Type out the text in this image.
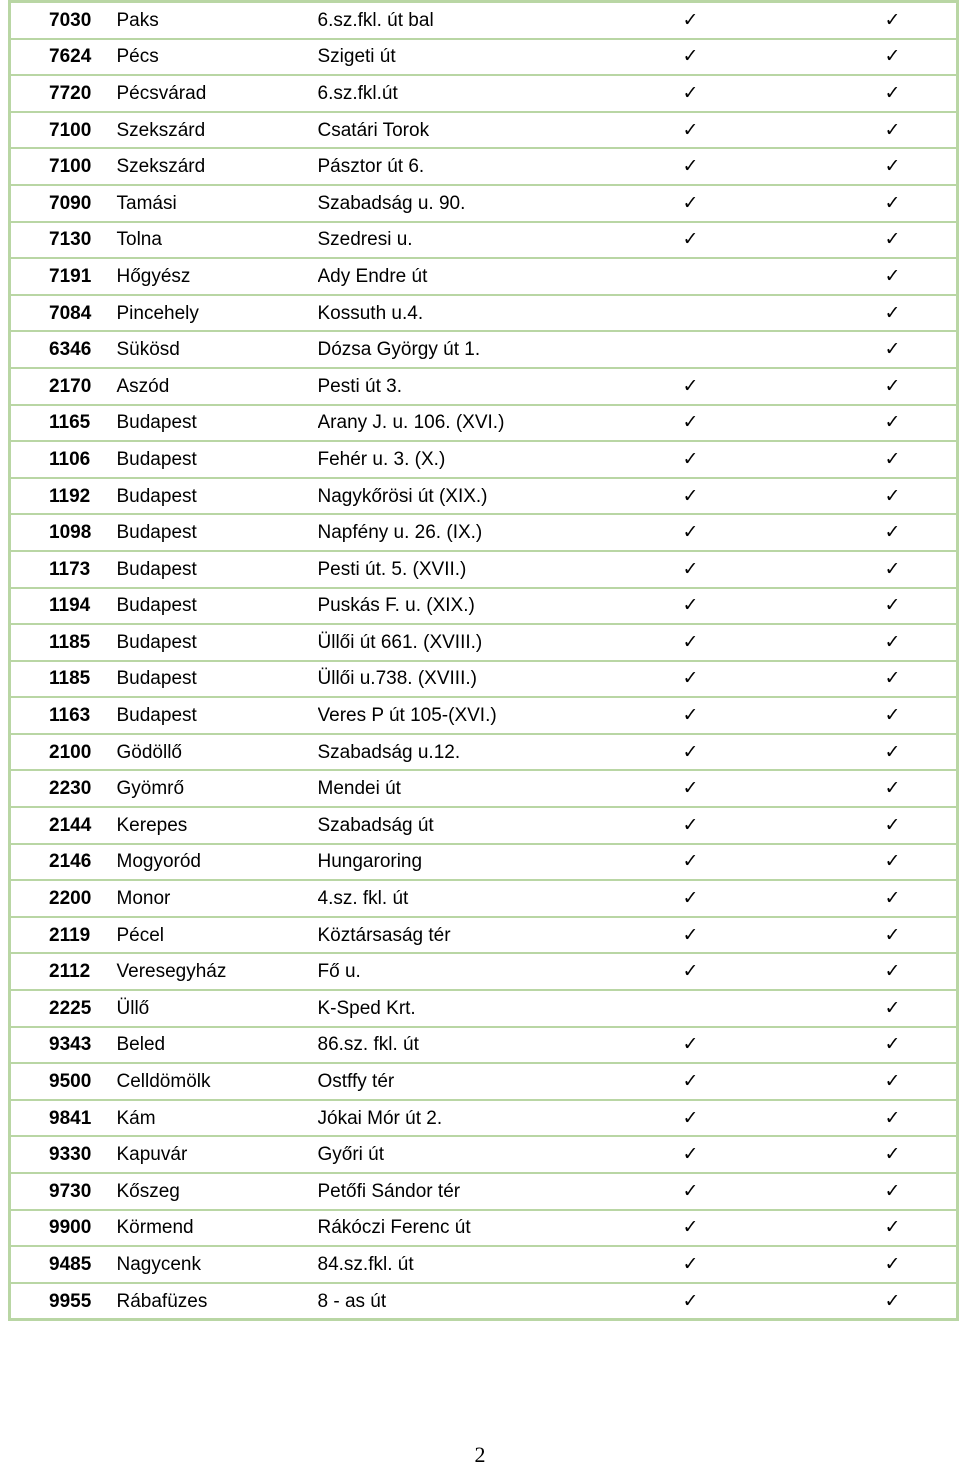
7030	Paks	6.sz.fkl. út bal	✓	✓
7624	Pécs	Szigeti út	✓	✓
7720	Pécsvárad	6.sz.fkl.út	✓	✓
7100	Szekszárd	Csatári Torok	✓	✓
7100	Szekszárd	Pásztor út 6.	✓	✓
7090	Tamási	Szabadság u. 90.	✓	✓
7130	Tolna	Szedresi u.	✓	✓
7191	Hőgyész	Ady Endre út		✓
7084	Pincehely	Kossuth u.4.		✓
6346	Sükösd	Dózsa György út 1.		✓
2170	Aszód	Pesti út 3.	✓	✓
1165	Budapest	Arany J. u. 106. (XVI.)	✓	✓
1106	Budapest	Fehér u. 3. (X.)	✓	✓
1192	Budapest	Nagykőrösi út (XIX.)	✓	✓
1098	Budapest	Napfény u. 26. (IX.)	✓	✓
1173	Budapest	Pesti út. 5. (XVII.)	✓	✓
1194	Budapest	Puskás F. u. (XIX.)	✓	✓
1185	Budapest	Üllői út 661. (XVIII.)	✓	✓
1185	Budapest	Üllői u.738. (XVIII.)	✓	✓
1163	Budapest	Veres P út 105-(XVI.)	✓	✓
2100	Gödöllő	Szabadság u.12.	✓	✓
2230	Gyömrő	Mendei út	✓	✓
2144	Kerepes	Szabadság út	✓	✓
2146	Mogyoród	Hungaroring	✓	✓
2200	Monor	4.sz. fkl. út	✓	✓
2119	Pécel	Köztársaság tér	✓	✓
2112	Veresegyház	Fő u.	✓	✓
2225	Üllő	K-Sped Krt.		✓
9343	Beled	86.sz. fkl. út	✓	✓
9500	Celldömölk	Ostffy tér	✓	✓
9841	Kám	Jókai Mór út 2.	✓	✓
9330	Kapuvár	Győri út	✓	✓
9730	Kőszeg	Petőfi Sándor tér	✓	✓
9900	Körmend	Rákóczi Ferenc út	✓	✓
9485	Nagycenk	84.sz.fkl. út	✓	✓
9955	Rábafüzes	8 - as út	✓	✓
2
